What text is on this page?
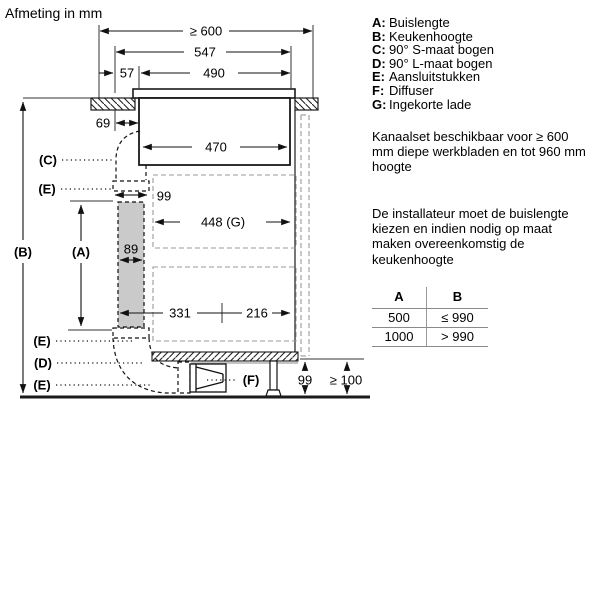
Afmeting in mm
≥ 600
547
57	490
69
470
99
448 (G)
89
331	216
99 ≥ 100
(C)
(E)
(B)	(A)
(E)
(D)
(E)	(F)
A: Buislengte
B: Keukenhoogte
C: 90° S-maat bogen
D: 90° L-maat bogen
E: Aansluitstukken
F: Diffuser
G: Ingekorte lade
Kanaalset beschikbaar voor ≥ 600 mm diepe werkbladen en tot 960 mm hoogte
De installateur moet de buislengte kiezen en indien nodig op maat maken overeenkomstig de keukenhoogte
A	B
500	≤ 990
1000	> 990
